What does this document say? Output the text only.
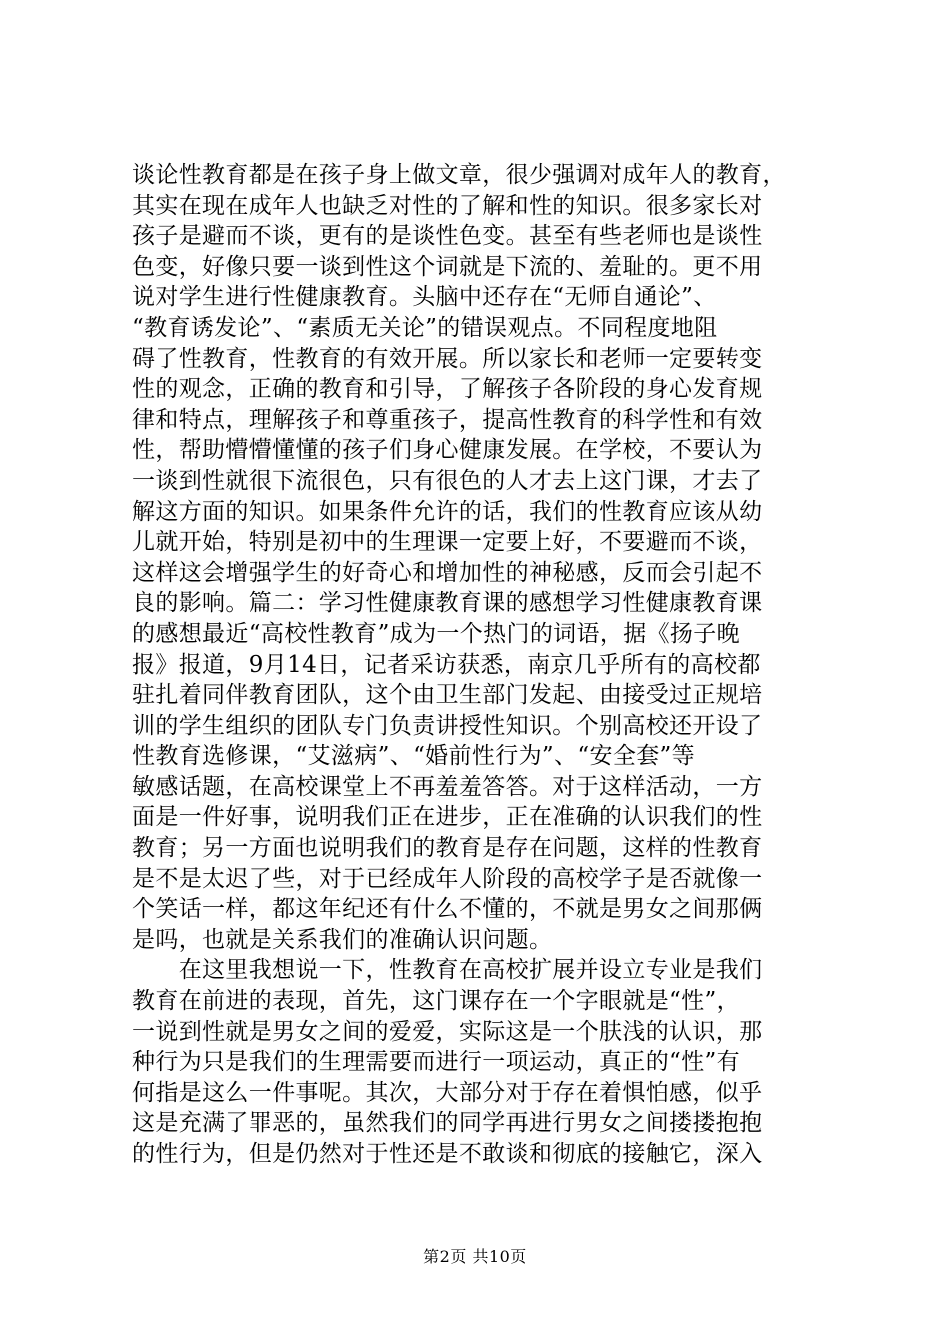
谈论性教育都是在孩子身上做文章，很少强调对成年人的教育，
其实在现在成年人也缺乏对性的了解和性的知识。很多家长对
孩子是避而不谈，更有的是谈性色变。甚至有些老师也是谈性
色变，好像只要一谈到性这个词就是下流的、羞耻的。更不用
说对学生进行性健康教育。头脑中还存在“无师自通论”、
“教育诱发论”、“素质无关论”的错误观点。不同程度地阻
碍了性教育，性教育的有效开展。所以家长和老师一定要转变
性的观念，正确的教育和引导，了解孩子各阶段的身心发育规
律和特点，理解孩子和尊重孩子，提高性教育的科学性和有效
性，帮助懵懵懂懂的孩子们身心健康发展。在学校，不要认为
一谈到性就很下流很色，只有很色的人才去上这门课，才去了
解这方面的知识。如果条件允许的话，我们的性教育应该从幼
儿就开始，特别是初中的生理课一定要上好，不要避而不谈，
这样这会增强学生的好奇心和增加性的神秘感，反而会引起不
良的影响。篇二：学习性健康教育课的感想学习性健康教育课
的感想最近“高校性教育”成为一个热门的词语，据《扬子晚
报》报道，9月14日，记者采访获悉，南京几乎所有的高校都
驻扎着同伴教育团队，这个由卫生部门发起、由接受过正规培
训的学生组织的团队专门负责讲授性知识。个别高校还开设了
性教育选修课，“艾滋病”、“婚前性行为”、“安全套”等
敏感话题，在高校课堂上不再羞羞答答。对于这样活动，一方
面是一件好事，说明我们正在进步，正在准确的认识我们的性
教育；另一方面也说明我们的教育是存在问题，这样的性教育
是不是太迟了些，对于已经成年人阶段的高校学子是否就像一
个笑话一样，都这年纪还有什么不懂的，不就是男女之间那俩
是吗，也就是关系我们的准确认识问题。
　　在这里我想说一下，性教育在高校扩展并设立专业是我们
教育在前进的表现，首先，这门课存在一个字眼就是“性”，
一说到性就是男女之间的爱爱，实际这是一个肤浅的认识，那
种行为只是我们的生理需要而进行一项运动，真正的“性”有
何指是这么一件事呢。其次，大部分对于存在着惧怕感，似乎
这是充满了罪恶的，虽然我们的同学再进行男女之间搂搂抱抱
的性行为，但是仍然对于性还是不敢谈和彻底的接触它，深入
第2页 共10页
